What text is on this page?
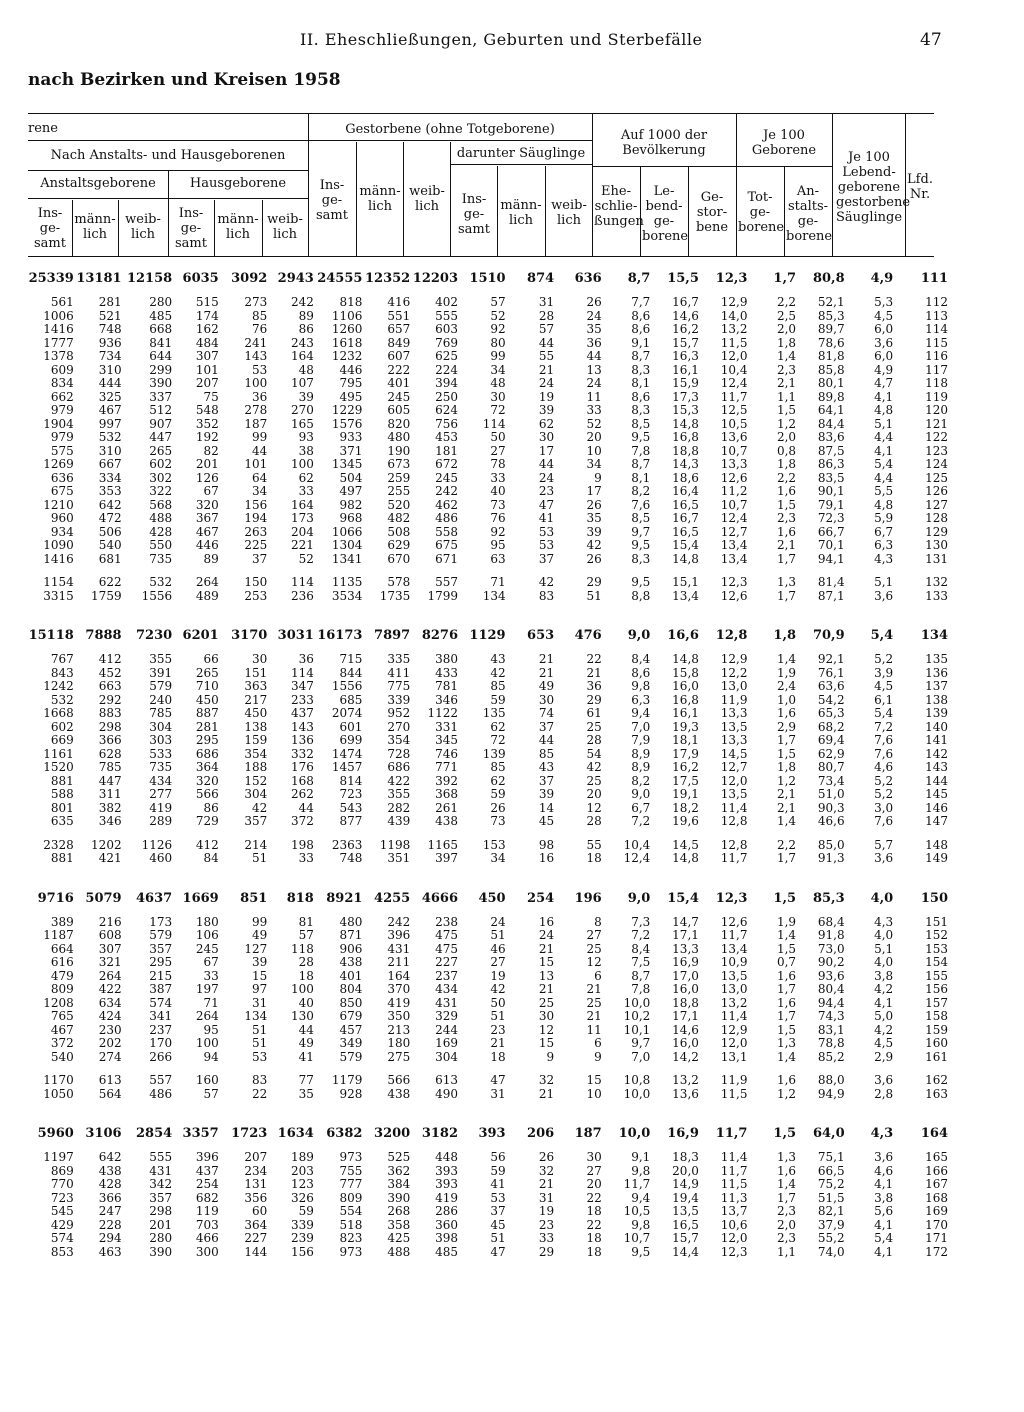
II. Eheschließungen, Geburten und Sterbefälle	47
nach Bezirken und Kreisen 1958
rene
Nach Anstalts- und Hausgeborenen
Anstaltsgeborene	Hausgeborene
Gestorbene (ohne Totgeborene)
darunter Säuglinge
Auf 1000 der Bevölkerung
Je 100 Geborene
Ins- ge- samt
männ- lich
weib- lich
Ins- ge- samt
männ- lich
weib- lich
Ins- ge- samt
männ- lich
weib- lich	Ins- ge- samt
männ- lich
weib- lich
Ehe- schlie- ßungen
Le- bend- ge- borene
Ge- stor- bene
Tot- ge- borene
An- stalts- ge- borene
Je 100 Lebend- geborene gestorbene Säuglinge
Lfd. Nr.
25339	13181	12158	6035	3092	2943	24555	12352	12203	1510	874	636	8,7	15,5	12,3	1,7	80,8	4,9	111
561	281	280	515	273	242	818	416	402	57	31	26	7,7	16,7	12,9	2,2	52,1	5,3	112
1006	521	485	174	85	89	1106	551	555	52	28	24	8,6	14,6	14,0	2,5	85,3	4,5	113
1416	748	668	162	76	86	1260	657	603	92	57	35	8,6	16,2	13,2	2,0	89,7	6,0	114
1777	936	841	484	241	243	1618	849	769	80	44	36	9,1	15,7	11,5	1,8	78,6	3,6	115
1378	734	644	307	143	164	1232	607	625	99	55	44	8,7	16,3	12,0	1,4	81,8	6,0	116
609	310	299	101	53	48	446	222	224	34	21	13	8,3	16,1	10,4	2,3	85,8	4,9	117
834	444	390	207	100	107	795	401	394	48	24	24	8,1	15,9	12,4	2,1	80,1	4,7	118
662	325	337	75	36	39	495	245	250	30	19	11	8,6	17,3	11,7	1,1	89,8	4,1	119
979	467	512	548	278	270	1229	605	624	72	39	33	8,3	15,3	12,5	1,5	64,1	4,8	120
1904	997	907	352	187	165	1576	820	756	114	62	52	8,5	14,8	10,5	1,2	84,4	5,1	121
979	532	447	192	99	93	933	480	453	50	30	20	9,5	16,8	13,6	2,0	83,6	4,4	122
575	310	265	82	44	38	371	190	181	27	17	10	7,8	18,8	10,7	0,8	87,5	4,1	123
1269	667	602	201	101	100	1345	673	672	78	44	34	8,7	14,3	13,3	1,8	86,3	5,4	124
636	334	302	126	64	62	504	259	245	33	24	9	8,1	18,6	12,6	2,2	83,5	4,4	125
675	353	322	67	34	33	497	255	242	40	23	17	8,2	16,4	11,2	1,6	90,1	5,5	126
1210	642	568	320	156	164	982	520	462	73	47	26	7,6	16,5	10,7	1,5	79,1	4,8	127
960	472	488	367	194	173	968	482	486	76	41	35	8,5	16,7	12,4	2,3	72,3	5,9	128
934	506	428	467	263	204	1066	508	558	92	53	39	9,7	16,5	12,7	1,6	66,7	6,7	129
1090	540	550	446	225	221	1304	629	675	95	53	42	9,5	15,4	13,4	2,1	70,1	6,3	130
1416	681	735	89	37	52	1341	670	671	63	37	26	8,3	14,8	13,4	1,7	94,1	4,3	131

1154	622	532	264	150	114	1135	578	557	71	42	29	9,5	15,1	12,3	1,3	81,4	5,1	132
3315	1759	1556	489	253	236	3534	1735	1799	134	83	51	8,8	13,4	12,6	1,7	87,1	3,6	133

15118	7888	7230	6201	3170	3031	16173	7897	8276	1129	653	476	9,0	16,6	12,8	1,8	70,9	5,4	134
767	412	355	66	30	36	715	335	380	43	21	22	8,4	14,8	12,9	1,4	92,1	5,2	135
843	452	391	265	151	114	844	411	433	42	21	21	8,6	15,8	12,2	1,9	76,1	3,9	136
1242	663	579	710	363	347	1556	775	781	85	49	36	9,8	16,0	13,0	2,4	63,6	4,5	137
532	292	240	450	217	233	685	339	346	59	30	29	6,3	16,8	11,9	1,0	54,2	6,1	138
1668	883	785	887	450	437	2074	952	1122	135	74	61	9,4	16,1	13,3	1,6	65,3	5,4	139
602	298	304	281	138	143	601	270	331	62	37	25	7,0	19,3	13,5	2,9	68,2	7,2	140
669	366	303	295	159	136	699	354	345	72	44	28	7,9	18,1	13,3	1,7	69,4	7,6	141
1161	628	533	686	354	332	1474	728	746	139	85	54	8,9	17,9	14,5	1,5	62,9	7,6	142
1520	785	735	364	188	176	1457	686	771	85	43	42	8,9	16,2	12,7	1,8	80,7	4,6	143
881	447	434	320	152	168	814	422	392	62	37	25	8,2	17,5	12,0	1,2	73,4	5,2	144
588	311	277	566	304	262	723	355	368	59	39	20	9,0	19,1	13,5	2,1	51,0	5,2	145
801	382	419	86	42	44	543	282	261	26	14	12	6,7	18,2	11,4	2,1	90,3	3,0	146
635	346	289	729	357	372	877	439	438	73	45	28	7,2	19,6	12,8	1,4	46,6	7,6	147

2328	1202	1126	412	214	198	2363	1198	1165	153	98	55	10,4	14,5	12,8	2,2	85,0	5,7	148
881	421	460	84	51	33	748	351	397	34	16	18	12,4	14,8	11,7	1,7	91,3	3,6	149

9716	5079	4637	1669	851	818	8921	4255	4666	450	254	196	9,0	15,4	12,3	1,5	85,3	4,0	150
389	216	173	180	99	81	480	242	238	24	16	8	7,3	14,7	12,6	1,9	68,4	4,3	151
1187	608	579	106	49	57	871	396	475	51	24	27	7,2	17,1	11,7	1,4	91,8	4,0	152
664	307	357	245	127	118	906	431	475	46	21	25	8,4	13,3	13,4	1,5	73,0	5,1	153
616	321	295	67	39	28	438	211	227	27	15	12	7,5	16,9	10,9	0,7	90,2	4,0	154
479	264	215	33	15	18	401	164	237	19	13	6	8,7	17,0	13,5	1,6	93,6	3,8	155
809	422	387	197	97	100	804	370	434	42	21	21	7,8	16,0	13,0	1,7	80,4	4,2	156
1208	634	574	71	31	40	850	419	431	50	25	25	10,0	18,8	13,2	1,6	94,4	4,1	157
765	424	341	264	134	130	679	350	329	51	30	21	10,2	17,1	11,4	1,7	74,3	5,0	158
467	230	237	95	51	44	457	213	244	23	12	11	10,1	14,6	12,9	1,5	83,1	4,2	159
372	202	170	100	51	49	349	180	169	21	15	6	9,7	16,0	12,0	1,3	78,8	4,5	160
540	274	266	94	53	41	579	275	304	18	9	9	7,0	14,2	13,1	1,4	85,2	2,9	161

1170	613	557	160	83	77	1179	566	613	47	32	15	10,8	13,2	11,9	1,6	88,0	3,6	162
1050	564	486	57	22	35	928	438	490	31	21	10	10,0	13,6	11,5	1,2	94,9	2,8	163

5960	3106	2854	3357	1723	1634	6382	3200	3182	393	206	187	10,0	16,9	11,7	1,5	64,0	4,3	164
1197	642	555	396	207	189	973	525	448	56	26	30	9,1	18,3	11,4	1,3	75,1	3,6	165
869	438	431	437	234	203	755	362	393	59	32	27	9,8	20,0	11,7	1,6	66,5	4,6	166
770	428	342	254	131	123	777	384	393	41	21	20	11,7	14,9	11,5	1,4	75,2	4,1	167
723	366	357	682	356	326	809	390	419	53	31	22	9,4	19,4	11,3	1,7	51,5	3,8	168
545	247	298	119	60	59	554	268	286	37	19	18	10,5	13,5	13,7	2,3	82,1	5,6	169
429	228	201	703	364	339	518	358	360	45	23	22	9,8	16,5	10,6	2,0	37,9	4,1	170
574	294	280	466	227	239	823	425	398	51	33	18	10,7	15,7	12,0	2,3	55,2	5,4	171
853	463	390	300	144	156	973	488	485	47	29	18	9,5	14,4	12,3	1,1	74,0	4,1	172
